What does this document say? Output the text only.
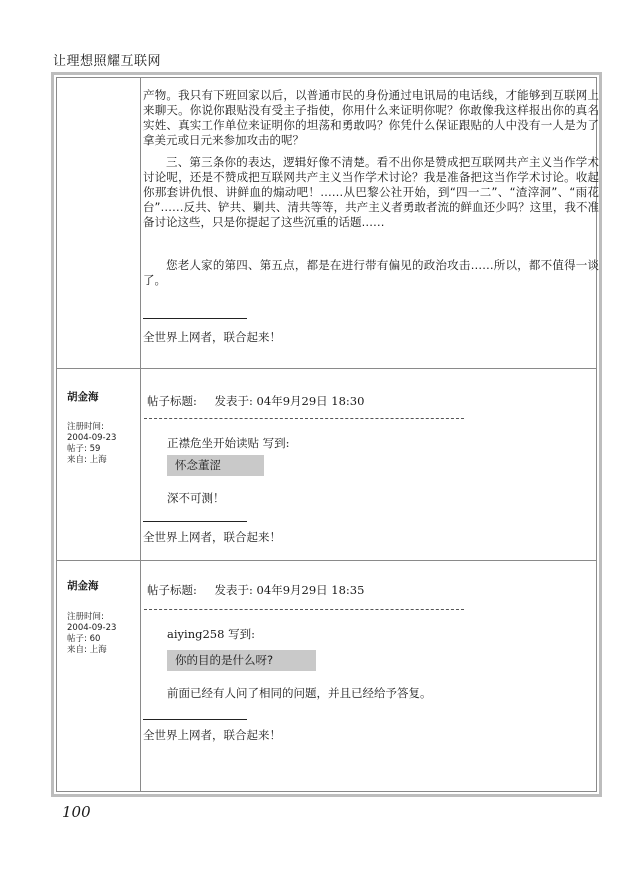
让理想照耀互联网

产物。我只有下班回家以后，以普通市民的身份通过电讯局的电话线，才能够到互联网上来聊天。你说你跟贴没有受主子指使，你用什么来证明你呢？你敢像我这样报出你的真名实姓、真实工作单位来证明你的坦荡和勇敢吗？你凭什么保证跟贴的人中没有一人是为了拿美元或日元来参加攻击的呢？

三、第三条你的表达，逻辑好像不清楚。看不出你是赞成把互联网共产主义当作学术讨论呢，还是不赞成把互联网共产主义当作学术讨论？我是准备把这当作学术讨论。收起你那套讲仇恨、讲鲜血的煽动吧！……从巴黎公社开始，到“四一二”、“渣滓洞”、“雨花台”……反共、铲共、剿共、清共等等，共产主义者勇敢者流的鲜血还少吗？这里，我不准备讨论这些，只是你提起了这些沉重的话题……

您老人家的第四、第五点，都是在进行带有偏见的政治攻击……所以，都不值得一谈了。

全世界上网者，联合起来！
胡金海
注册时间:
2004-09-23
帖子: 59
来自: 上海
帖子标题: 发表于: 04年9月29日 18:30
正襟危坐开始读贴 写到:
怀念董涩
深不可测！
全世界上网者，联合起来！
胡金海
注册时间:
2004-09-23
帖子: 60
来自: 上海
帖子标题: 发表于: 04年9月29日 18:35
aiying258 写到:
你的目的是什么呀?
前面已经有人问了相同的问题，并且已经给予答复。
全世界上网者，联合起来！
100
